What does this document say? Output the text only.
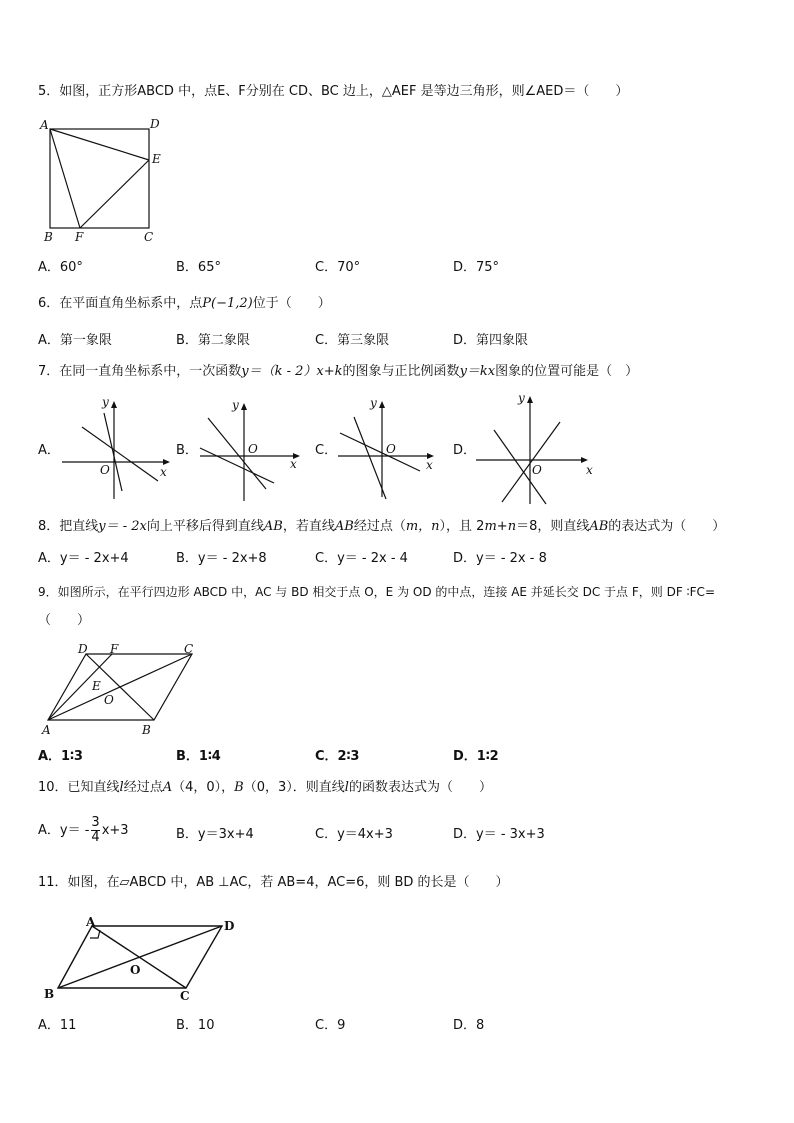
5．如图，正方形ABCD 中，点E、F分别在 CD、BC 边上，△AEF 是等边三角形，则∠AED＝（　　）
A	D
E
B F	C
A．60°	B．65°	C．70°	D．75°
6．在平面直角坐标系中，点P(−1,2)位于（　　）
A．第一象限	B．第二象限	C．第三象限	D．第四象限
7．在同一直角坐标系中，一次函数y＝（k - 2）x+k的图象与正比例函数y＝kx图象的位置可能是（　）
A．
y
x
O
B．
y
x
O	C．
y
x
O	D．
y
x
O
8．把直线y＝ - 2x向上平移后得到直线AB，若直线AB经过点（m，n），且 2m+n＝8，则直线AB的表达式为（　　）
A．y＝ - 2x+4	B．y＝ - 2x+8	C．y＝ - 2x - 4	D．y＝ - 2x - 8
9．如图所示，在平行四边形 ABCD 中，AC 与 BD 相交于点 O，E 为 OD 的中点，连接 AE 并延长交 DC 于点 F，则 DF ∶FC=
（　　）
A	B
C
D F
E
O
A．1∶3	B．1∶4	C．2∶3	D．1∶2
10．已知直线l经过点A（4，0），B（0，3）．则直线l的函数表达式为（　　）
A．$y= - \frac{3}{4} x+3$	B．y＝3x+4	C．y＝4x+3	D．y＝ - 3x+3
11．如图，在▱ABCD 中，AB ⊥AC，若 AB=4，AC=6，则 BD 的长是（　　）
A
B	C
D
O
A．11	B．10	C．9	D．8
